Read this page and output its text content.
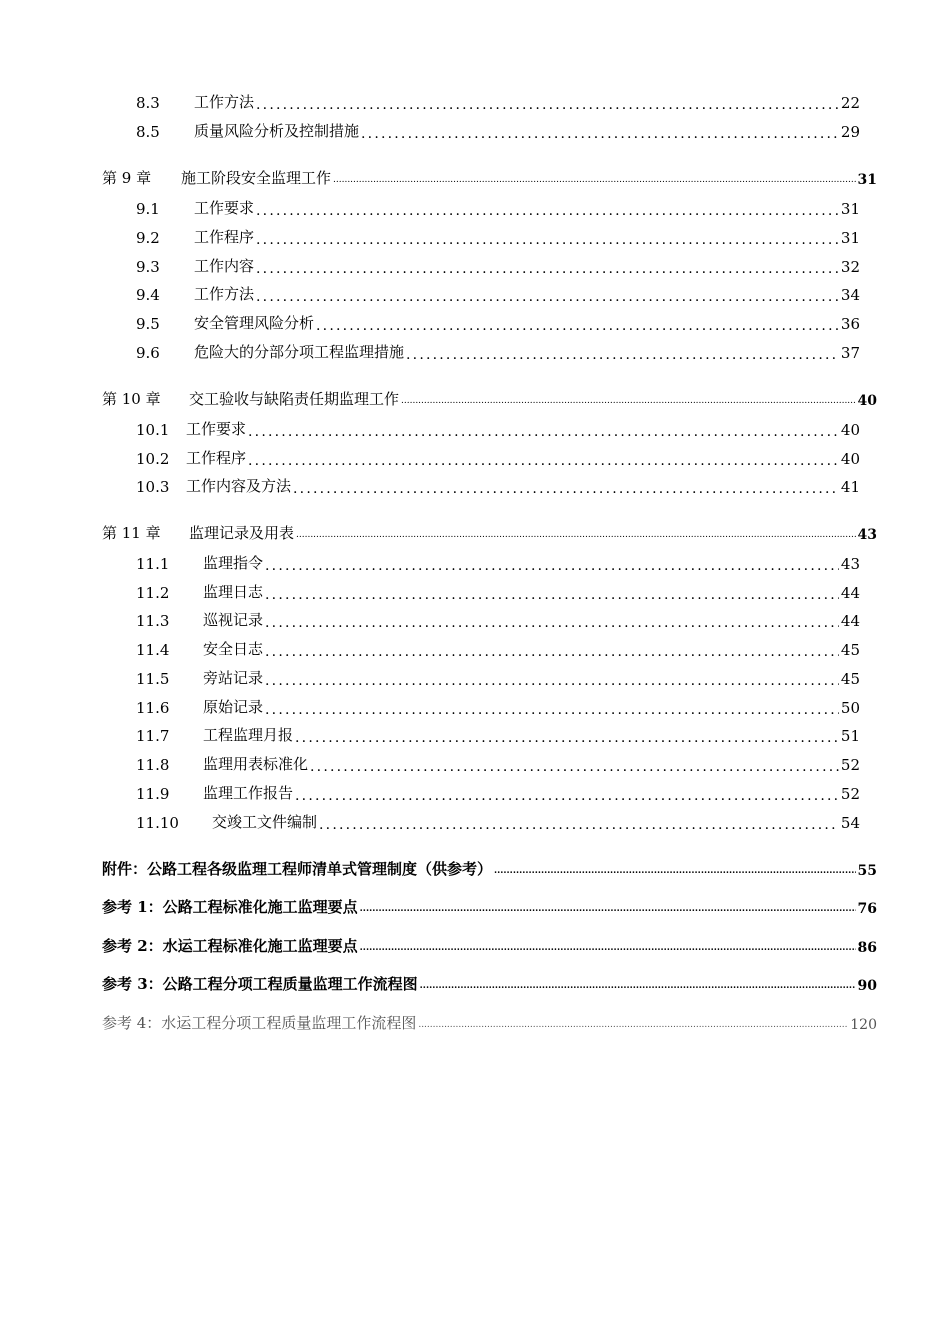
8.3	工作方法 .....	22
8.5	质量风险分析及控制措施 .....	29
第 9 章	施工阶段安全监理工作 .....	31
9.1	工作要求 .....	31
9.2	工作程序 .....	31
9.3	工作内容 .....	32
9.4	工作方法 .....	34
9.5	安全管理风险分析 .....	36
9.6	危险大的分部分项工程监理措施 .....	37
第 10 章	交工验收与缺陷责任期监理工作 .....	40
10.1	工作要求 .....	40
10.2	工作程序 .....	40
10.3	工作内容及方法 .....	41
第 11 章	监理记录及用表 .....	43
11.1	监理指令 .....	43
11.2	监理日志 .....	44
11.3	巡视记录 .....	44
11.4	安全日志 .....	45
11.5	旁站记录 .....	45
11.6	原始记录 .....	50
11.7	工程监理月报 .....	51
11.8	监理用表标准化 .....	52
11.9	监理工作报告 .....	52
11.10	交竣工文件编制 .....	54
附件：公路工程各级监理工程师清单式管理制度（供参考） .....	55
参考 1：公路工程标准化施工监理要点 .....	76
参考 2：水运工程标准化施工监理要点 .....	86
参考 3：公路工程分项工程质量监理工作流程图 .....	90
参考 4：水运工程分项工程质量监理工作流程图 .....	120
